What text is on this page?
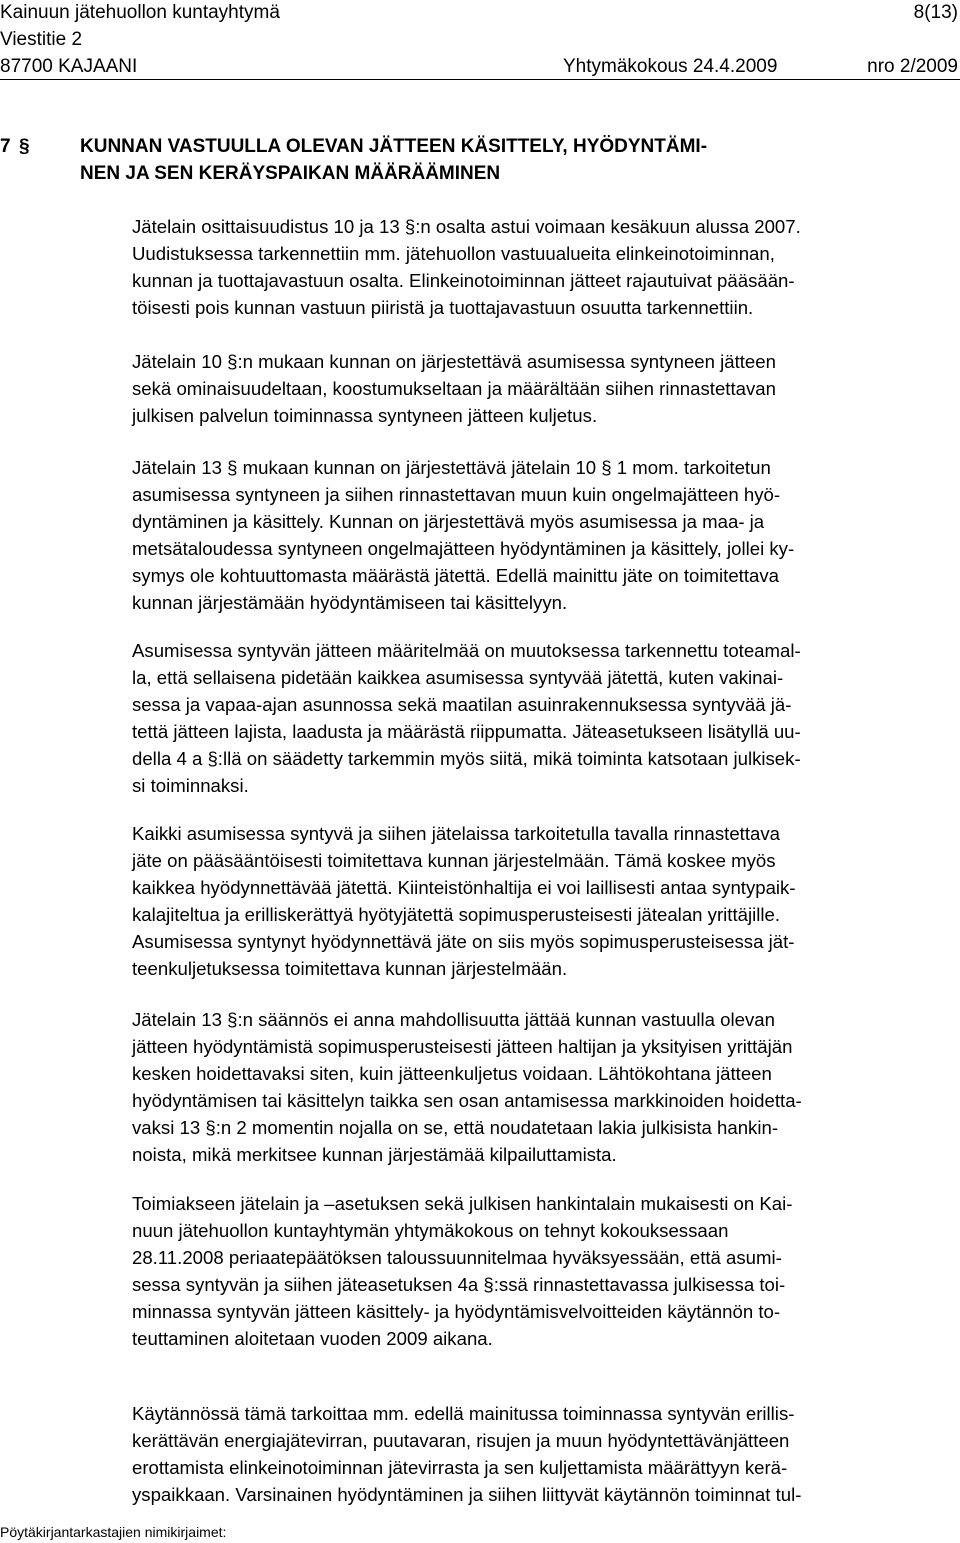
Kainuun jätehuollon kuntayhtymä	8(13)
Viestitie 2
87700 KAJAANI	Yhtymäkokous 24.4.2009	nro 2/2009
7 §	KUNNAN VASTUULLA OLEVAN JÄTTEEN KÄSITTELY, HYÖDYNTÄMI-
NEN JA SEN KERÄYSPAIKAN MÄÄRÄÄMINEN

Jätelain osittaisuudistus 10 ja 13 §:n osalta astui voimaan kesäkuun alussa 2007.
Uudistuksessa tarkennettiin mm. jätehuollon vastuualueita elinkeinotoiminnan,
kunnan ja tuottajavastuun osalta. Elinkeinotoiminnan jätteet rajautuivat pääsään-
töisesti pois kunnan vastuun piiristä ja tuottajavastuun osuutta tarkennettiin.

Jätelain 10 §:n mukaan kunnan on järjestettävä asumisessa syntyneen jätteen
sekä ominaisuudeltaan, koostumukseltaan ja määrältään siihen rinnastettavan
julkisen palvelun toiminnassa syntyneen jätteen kuljetus.

Jätelain 13 § mukaan kunnan on järjestettävä jätelain 10 § 1 mom. tarkoitetun
asumisessa syntyneen ja siihen rinnastettavan muun kuin ongelmajätteen hyö-
dyntäminen ja käsittely. Kunnan on järjestettävä myös asumisessa ja maa- ja
metsätaloudessa syntyneen ongelmajätteen hyödyntäminen ja käsittely, jollei ky-
symys ole kohtuuttomasta määrästä jätettä. Edellä mainittu jäte on toimitettava
kunnan järjestämään hyödyntämiseen tai käsittelyyn.

Asumisessa syntyvän jätteen määritelmää on muutoksessa tarkennettu toteamal-
la, että sellaisena pidetään kaikkea asumisessa syntyvää jätettä, kuten vakinai-
sessa ja vapaa-ajan asunnossa sekä maatilan asuinrakennuksessa syntyvää jä-
tettä jätteen lajista, laadusta ja määrästä riippumatta. Jäteasetukseen lisätyllä uu-
della 4 a §:llä on säädetty tarkemmin myös siitä, mikä toiminta katsotaan julkisek-
si toiminnaksi.

Kaikki asumisessa syntyvä ja siihen jätelaissa tarkoitetulla tavalla rinnastettava
jäte on pääsääntöisesti toimitettava kunnan järjestelmään. Tämä koskee myös
kaikkea hyödynnettävää jätettä. Kiinteistönhaltija ei voi laillisesti antaa syntypaik-
kalajiteltua ja erilliskerättyä hyötyjätettä sopimusperusteisesti jätealan yrittäjille.
Asumisessa syntynyt hyödynnettävä jäte on siis myös sopimusperusteisessa jät-
teenkuljetuksessa toimitettava kunnan järjestelmään.

Jätelain 13 §:n säännös ei anna mahdollisuutta jättää kunnan vastuulla olevan
jätteen hyödyntämistä sopimusperusteisesti jätteen haltijan ja yksityisen yrittäjän
kesken hoidettavaksi siten, kuin jätteenkuljetus voidaan. Lähtökohtana jätteen
hyödyntämisen tai käsittelyn taikka sen osan antamisessa markkinoiden hoidetta-
vaksi 13 §:n 2 momentin nojalla on se, että noudatetaan lakia julkisista hankin-
noista, mikä merkitsee kunnan järjestämää kilpailuttamista.

Toimiakseen jätelain ja –asetuksen sekä julkisen hankintalain mukaisesti on Kai-
nuun jätehuollon kuntayhtymän yhtymäkokous on tehnyt kokouksessaan
28.11.2008 periaatepäätöksen taloussuunnitelmaa hyväksyessään, että asumi-
sessa syntyvän ja siihen jäteasetuksen 4a §:ssä rinnastettavassa julkisessa toi-
minnassa syntyvän jätteen käsittely- ja hyödyntämisvelvoitteiden käytännön to-
teuttaminen aloitetaan vuoden 2009 aikana.

Käytännössä tämä tarkoittaa mm. edellä mainitussa toiminnassa syntyvän erillis-
kerättävän energiajätevirran, puutavaran, risujen ja muun hyödyntettävänjätteen
erottamista elinkeinotoiminnan jätevirrasta ja sen kuljettamista määrättyyn kerä-
yspaikkaan. Varsinainen hyödyntäminen ja siihen liittyvät käytännön toiminnat tul-

Pöytäkirjantarkastajien nimikirjaimet:
